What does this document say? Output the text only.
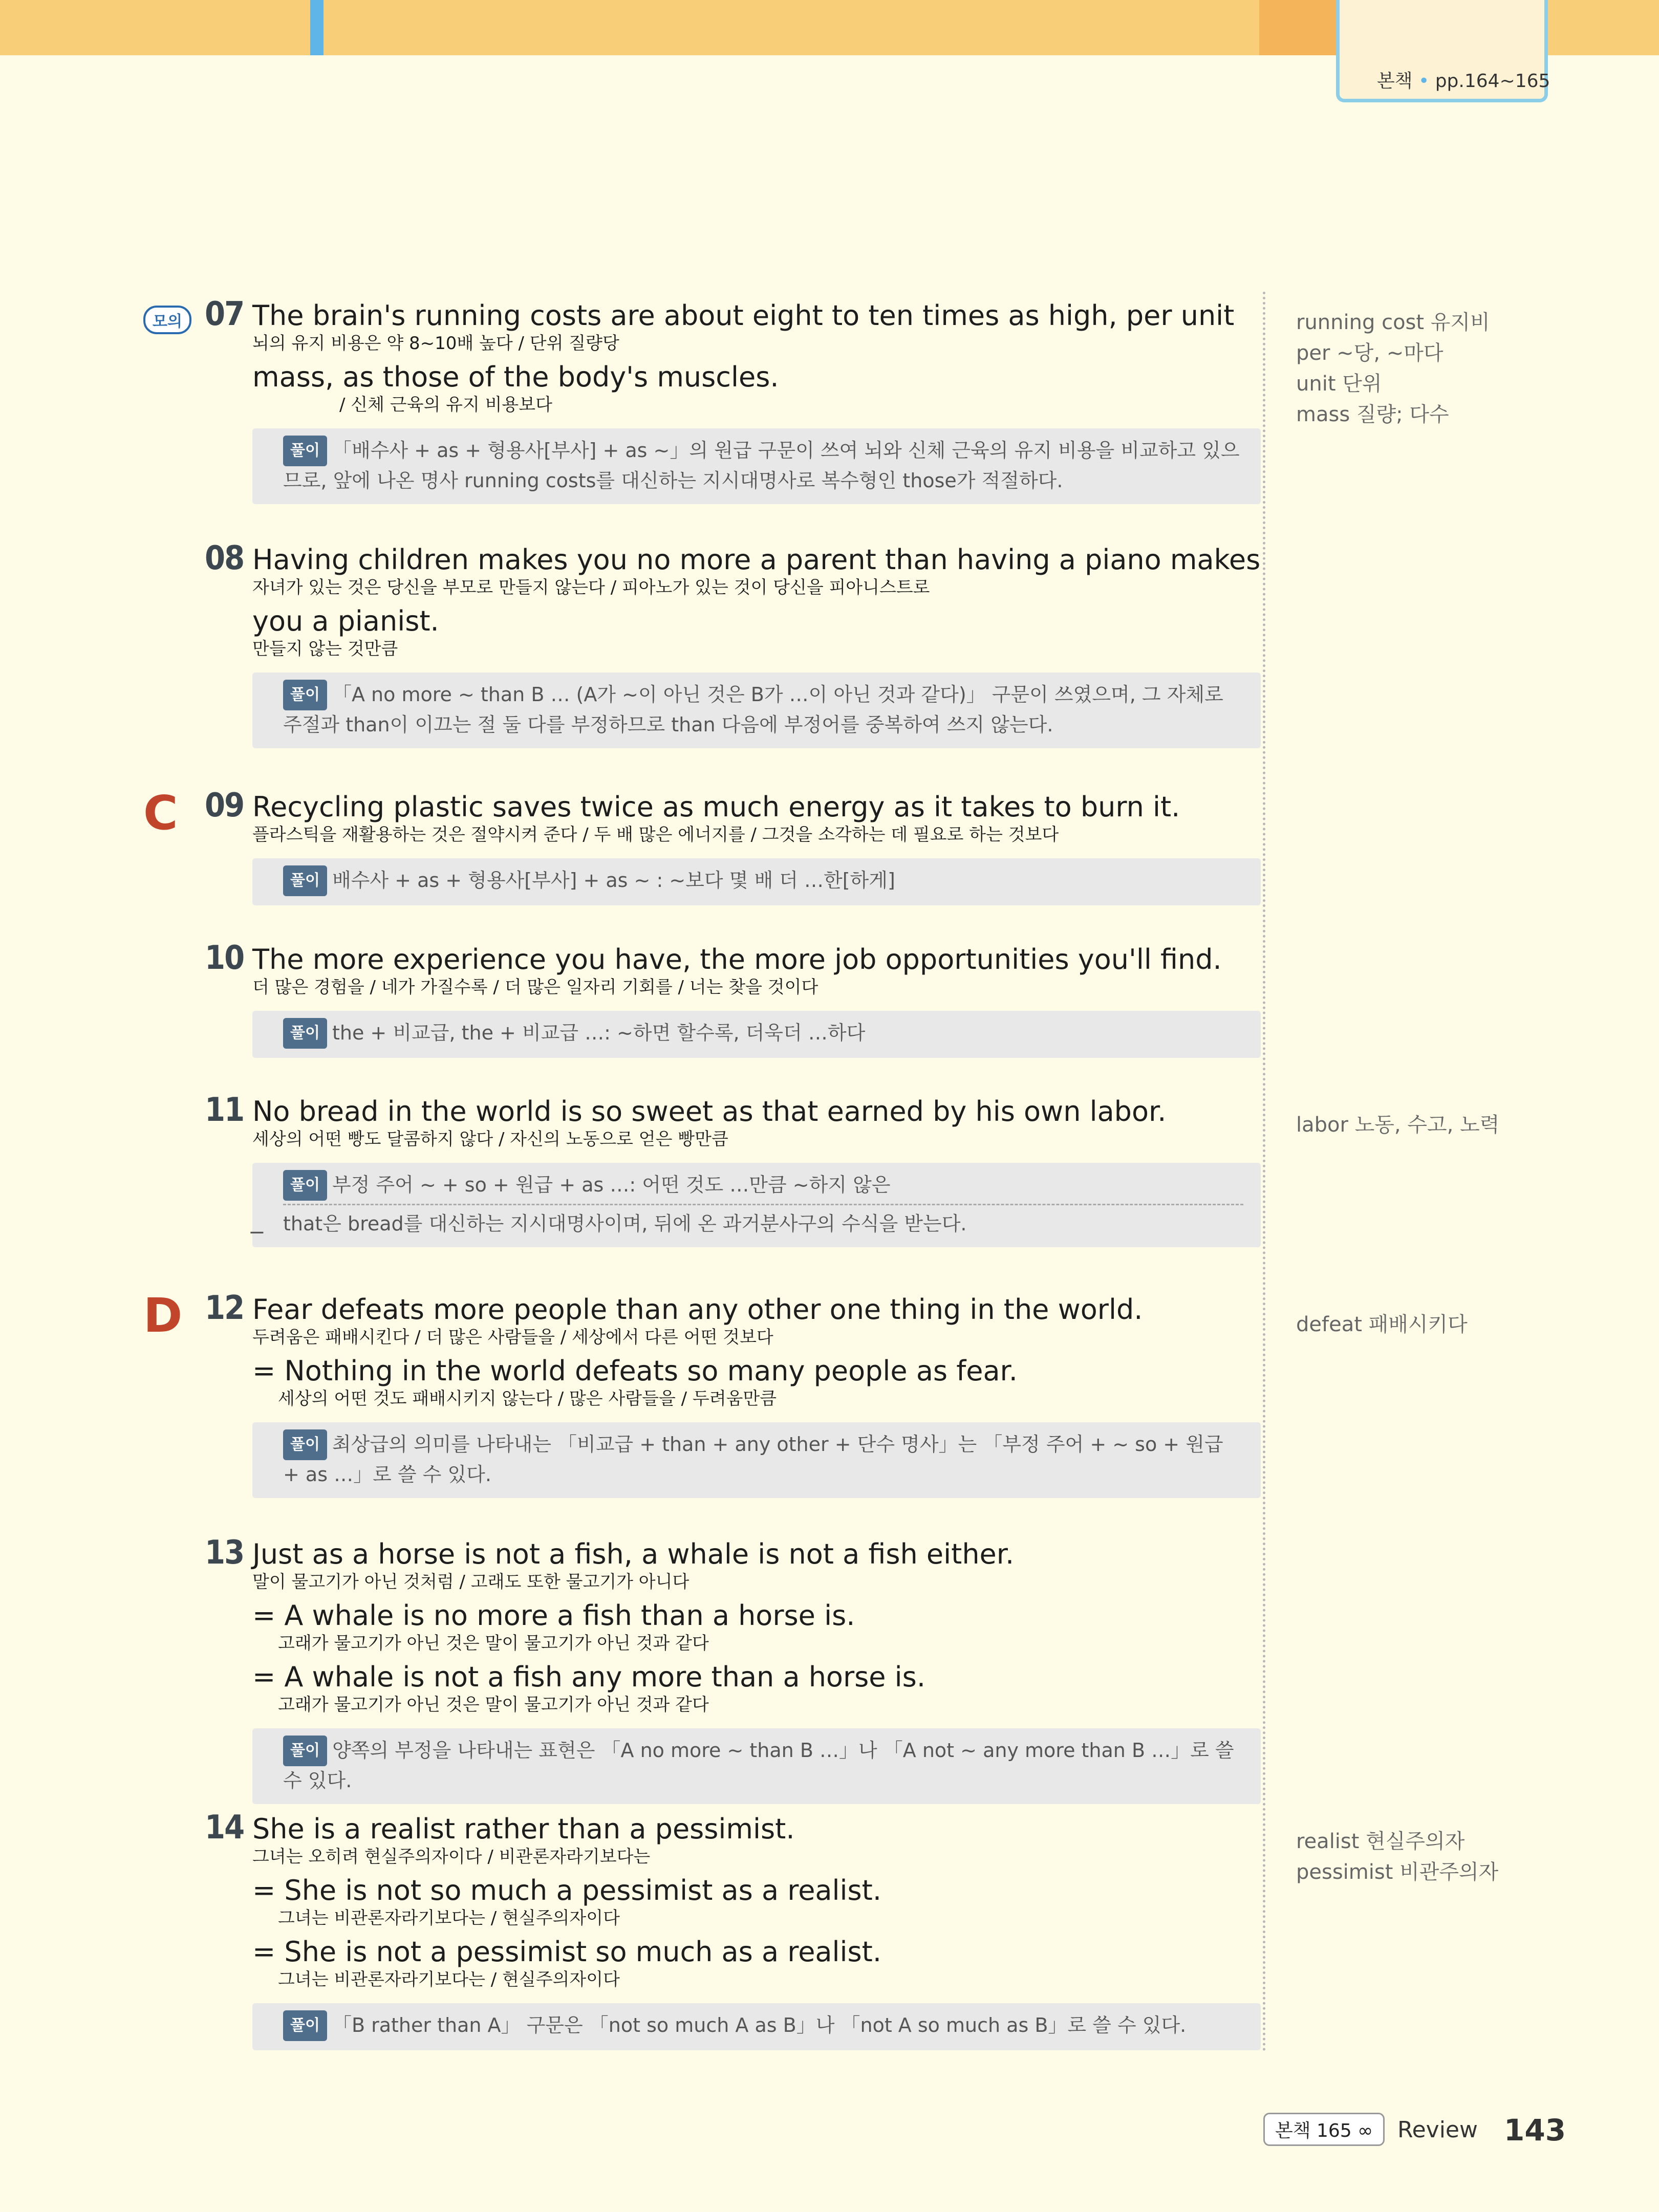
본책 • pp.164~165
모의 07 The brain's running costs are about eight to ten times as high, per unit
뇌의 유지 비용은 약 8~10배 높다 / 단위 질량당
mass, as those of the body's muscles.
/ 신체 근육의 유지 비용보다
풀이 「배수사 + as + 형용사[부사] + as ~」의 원급 구문이 쓰여 뇌와 신체 근육의 유지 비용을 비교하고 있으므로, 앞에 나온 명사 running costs를 대신하는 지시대명사로 복수형인 those가 적절하다.
08 Having children makes you no more a parent than having a piano makes
자녀가 있는 것은 당신을 부모로 만들지 않는다 / 피아노가 있는 것이 당신을 피아니스트로
you a pianist.
만들지 않는 것만큼
풀이 「A no more ~ than B … (A가 ~이 아닌 것은 B가 …이 아닌 것과 같다)」 구문이 쓰였으며, 그 자체로 주절과 than이 이끄는 절 둘 다를 부정하므로 than 다음에 부정어를 중복하여 쓰지 않는다.
C 09 Recycling plastic saves twice as much energy as it takes to burn it.
플라스틱을 재활용하는 것은 절약시켜 준다 / 두 배 많은 에너지를 / 그것을 소각하는 데 필요로 하는 것보다
풀이 배수사 + as + 형용사[부사] + as ~ : ~보다 몇 배 더 …한[하게]
10 The more experience you have, the more job opportunities you'll find.
더 많은 경험을 / 네가 가질수록 / 더 많은 일자리 기회를 / 너는 찾을 것이다
풀이 the + 비교급, the + 비교급 …: ~하면 할수록, 더욱더 …하다
11 No bread in the world is so sweet as that earned by his own labor.
세상의 어떤 빵도 달콤하지 않다 / 자신의 노동으로 얻은 빵만큼
풀이 부정 주어 ~ + so + 원급 + as …: 어떤 것도 …만큼 ~하지 않은
− that은 bread를 대신하는 지시대명사이며, 뒤에 온 과거분사구의 수식을 받는다.
D 12 Fear defeats more people than any other one thing in the world.
두려움은 패배시킨다 / 더 많은 사람들을 / 세상에서 다른 어떤 것보다
= Nothing in the world defeats so many people as fear.
세상의 어떤 것도 패배시키지 않는다 / 많은 사람들을 / 두려움만큼
풀이 최상급의 의미를 나타내는 「비교급 + than + any other + 단수 명사」는 「부정 주어 + ~ so + 원급 + as …」로 쓸 수 있다.
13 Just as a horse is not a fish, a whale is not a fish either.
말이 물고기가 아닌 것처럼 / 고래도 또한 물고기가 아니다
= A whale is no more a fish than a horse is.
고래가 물고기가 아닌 것은 말이 물고기가 아닌 것과 같다
= A whale is not a fish any more than a horse is.
고래가 물고기가 아닌 것은 말이 물고기가 아닌 것과 같다
풀이 양쪽의 부정을 나타내는 표현은 「A no more ~ than B …」나 「A not ~ any more than B …」로 쓸 수 있다.
14 She is a realist rather than a pessimist.
그녀는 오히려 현실주의자이다 / 비관론자라기보다는
= She is not so much a pessimist as a realist.
그녀는 비관론자라기보다는 / 현실주의자이다
= She is not a pessimist so much as a realist.
그녀는 비관론자라기보다는 / 현실주의자이다
풀이 「B rather than A」 구문은 「not so much A as B」나 「not A so much as B」로 쓸 수 있다.
running cost 유지비
per ~당, ~마다
unit 단위
mass 질량; 다수
labor 노동, 수고, 노력
defeat 패배시키다
realist 현실주의자
pessimist 비관주의자
본책 165 ∞	Review 143
